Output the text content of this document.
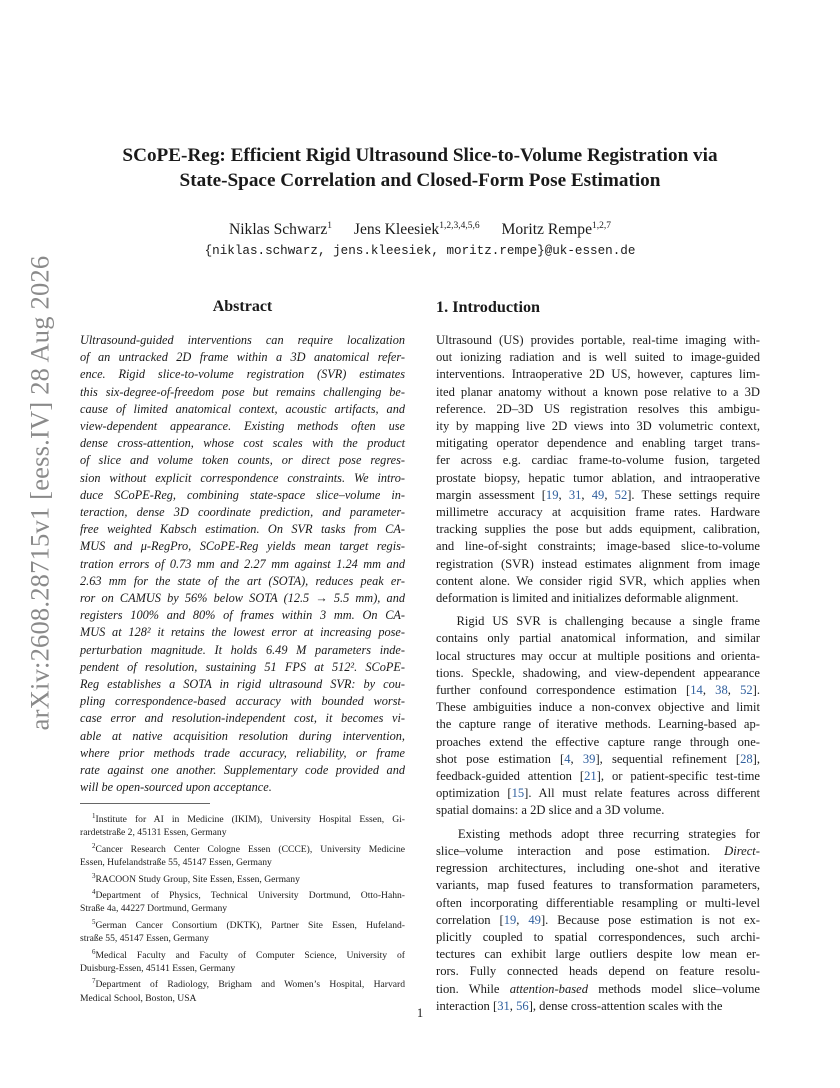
arXiv:2608.28715v1 [eess.IV] 28 Aug 2026
SCoPE-Reg: Efficient Rigid Ultrasound Slice-to-Volume Registration via
State-Space Correlation and Closed-Form Pose Estimation
Niklas Schwarz$^1$ Jens Kleesiek$^{1,2,3,4,5,6}$ Moritz Rempe$^{1,2,7}$
{niklas.schwarz, jens.kleesiek, moritz.rempe}@uk-essen.de
Abstract
Ultrasound-guided interventions can require localization
of an untracked 2D frame within a 3D anatomical refer-
ence. Rigid slice-to-volume registration (SVR) estimates
this six-degree-of-freedom pose but remains challenging be-
cause of limited anatomical context, acoustic artifacts, and
view-dependent appearance. Existing methods often use
dense cross-attention, whose cost scales with the product
of slice and volume token counts, or direct pose regres-
sion without explicit correspondence constraints. We intro-
duce SCoPE-Reg, combining state-space slice–volume in-
teraction, dense 3D coordinate prediction, and parameter-
free weighted Kabsch estimation. On SVR tasks from CA-
MUS and μ-RegPro, SCoPE-Reg yields mean target regis-
tration errors of 0.73 mm and 2.27 mm against 1.24 mm and
2.63 mm for the state of the art (SOTA), reduces peak er-
ror on CAMUS by 56% below SOTA (12.5 → 5.5 mm), and
registers 100% and 80% of frames within 3 mm. On CA-
MUS at 128² it retains the lowest error at increasing pose-
perturbation magnitude. It holds 6.49 M parameters inde-
pendent of resolution, sustaining 51 FPS at 512². SCoPE-
Reg establishes a SOTA in rigid ultrasound SVR: by cou-
pling correspondence-based accuracy with bounded worst-
case error and resolution-independent cost, it becomes vi-
able at native acquisition resolution during intervention,
where prior methods trade accuracy, reliability, or frame
rate against one another. Supplementary code provided and
will be open-sourced upon acceptance.
$^1$Institute for AI in Medicine (IKIM), University Hospital Essen, Gi-
rardetstraße 2, 45131 Essen, Germany
$^2$Cancer Research Center Cologne Essen (CCCE), University Medicine
Essen, Hufelandstraße 55, 45147 Essen, Germany
$^3$RACOON Study Group, Site Essen, Essen, Germany
$^4$Department of Physics, Technical University Dortmund, Otto-Hahn-
Straße 4a, 44227 Dortmund, Germany
$^5$German Cancer Consortium (DKTK), Partner Site Essen, Hufeland-
straße 55, 45147 Essen, Germany
$^6$Medical Faculty and Faculty of Computer Science, University of
Duisburg-Essen, 45141 Essen, Germany
$^7$Department of Radiology, Brigham and Women’s Hospital, Harvard
Medical School, Boston, USA
1. Introduction
Ultrasound (US) provides portable, real-time imaging with-
out ionizing radiation and is well suited to image-guided
interventions. Intraoperative 2D US, however, captures lim-
ited planar anatomy without a known pose relative to a 3D
reference. 2D–3D US registration resolves this ambigu-
ity by mapping live 2D views into 3D volumetric context,
mitigating operator dependence and enabling target trans-
fer across e.g. cardiac frame-to-volume fusion, targeted
prostate biopsy, hepatic tumor ablation, and intraoperative
margin assessment [19, 31, 49, 52]. These settings require
millimetre accuracy at acquisition frame rates. Hardware
tracking supplies the pose but adds equipment, calibration,
and line-of-sight constraints; image-based slice-to-volume
registration (SVR) instead estimates alignment from image
content alone. We consider rigid SVR, which applies when
deformation is limited and initializes deformable alignment.
  Rigid US SVR is challenging because a single frame
contains only partial anatomical information, and similar
local structures may occur at multiple positions and orienta-
tions. Speckle, shadowing, and view-dependent appearance
further confound correspondence estimation [14, 38, 52].
These ambiguities induce a non-convex objective and limit
the capture range of iterative methods. Learning-based ap-
proaches extend the effective capture range through one-
shot pose estimation [4, 39], sequential refinement [28],
feedback-guided attention [21], or patient-specific test-time
optimization [15]. All must relate features across different
spatial domains: a 2D slice and a 3D volume.
  Existing methods adopt three recurring strategies for
slice–volume interaction and pose estimation. Direct-
regression architectures, including one-shot and iterative
variants, map fused features to transformation parameters,
often incorporating differentiable resampling or multi-level
correlation [19, 49]. Because pose estimation is not ex-
plicitly coupled to spatial correspondences, such archi-
tectures can exhibit large outliers despite low mean er-
rors. Fully connected heads depend on feature resolu-
tion. While attention-based methods model slice–volume
interaction [31, 56], dense cross-attention scales with the
1
